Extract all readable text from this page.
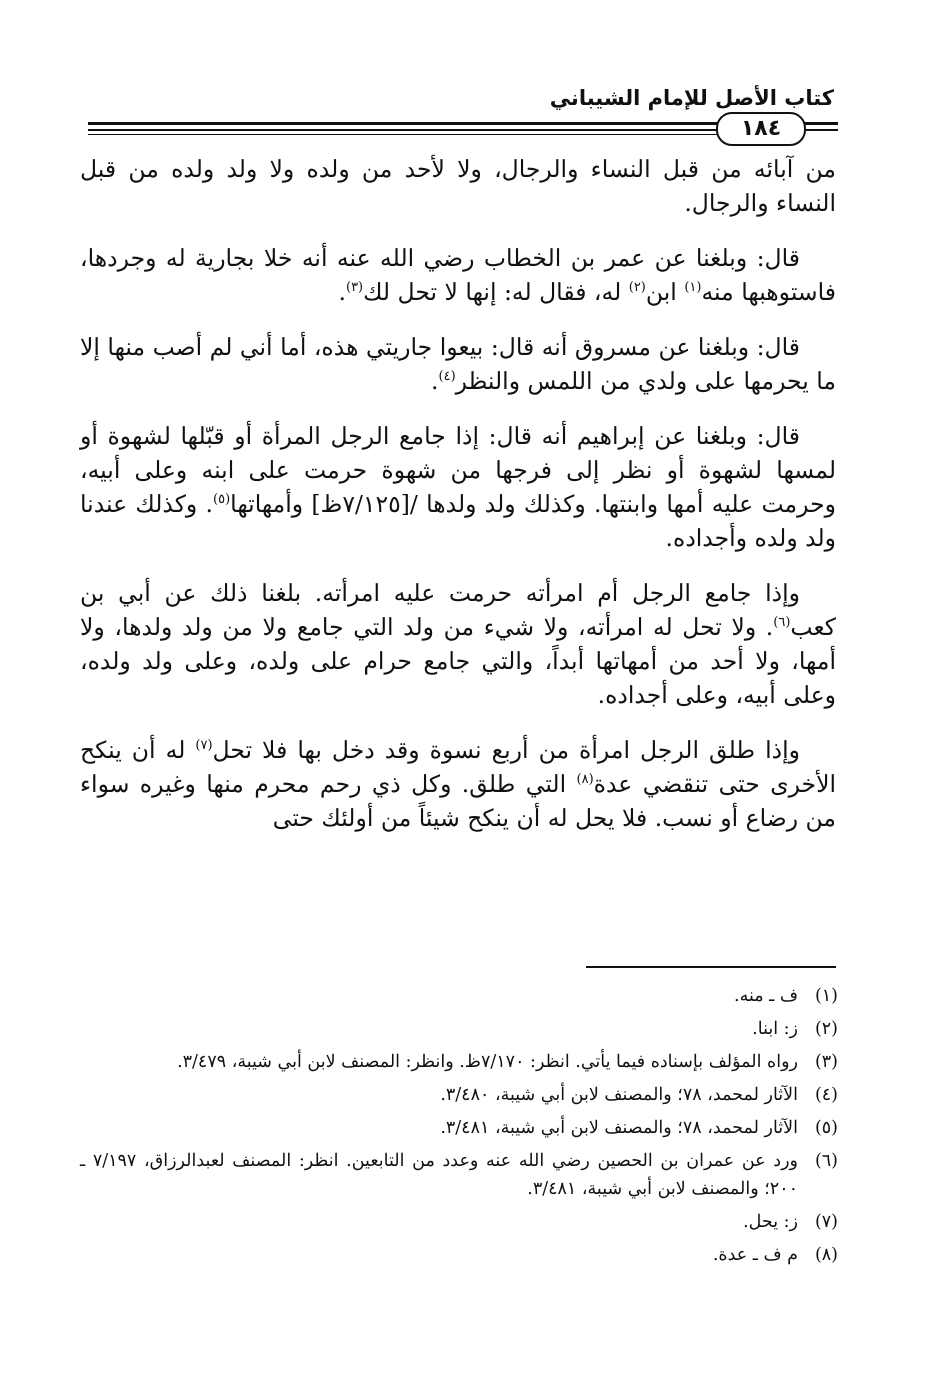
كتاب الأصل للإمام الشيباني
١٨٤

من آبائه من قبل النساء والرجال، ولا لأحد من ولده ولا ولد ولده من قبل النساء والرجال.

قال: وبلغنا عن عمر بن الخطاب رضي الله عنه أنه خلا بجارية له وجردها، فاستوهبها منه$^{(١)}$ ابن$^{(٢)}$ له، فقال له: إنها لا تحل لك$^{(٣)}$.

قال: وبلغنا عن مسروق أنه قال: بيعوا جاريتي هذه، أما أني لم أصب منها إلا ما يحرمها على ولدي من اللمس والنظر$^{(٤)}$.

قال: وبلغنا عن إبراهيم أنه قال: إذا جامع الرجل المرأة أو قبّلها لشهوة أو لمسها لشهوة أو نظر إلى فرجها من شهوة حرمت على ابنه وعلى أبيه، وحرمت عليه أمها وابنتها. وكذلك ولد ولدها /[٧/١٢٥ظ] وأمهاتها$^{(٥)}$. وكذلك عندنا ولد ولده وأجداده.

وإذا جامع الرجل أم امرأته حرمت عليه امرأته. بلغنا ذلك عن أبي بن كعب$^{(٦)}$. ولا تحل له امرأته، ولا شيء من ولد التي جامع ولا من ولد ولدها، ولا أمها، ولا أحد من أمهاتها أبداً، والتي جامع حرام على ولده، وعلى ولد ولده، وعلى أبيه، وعلى أجداده.

وإذا طلق الرجل امرأة من أربع نسوة وقد دخل بها فلا تحل$^{(٧)}$ له أن ينكح الأخرى حتى تنقضي عدة$^{(٨)}$ التي طلق. وكل ذي رحم محرم منها وغيره سواء من رضاع أو نسب. فلا يحل له أن ينكح شيئاً من أولئك حتى

(١)
ف ـ منه.
(٢)
ز: ابنا.
(٣)
رواه المؤلف بإسناده فيما يأتي. انظر: ٧/١٧٠ظ. وانظر: المصنف لابن أبي شيبة، ٣/٤٧٩.
(٤)
الآثار لمحمد، ٧٨؛ والمصنف لابن أبي شيبة، ٣/٤٨٠.
(٥)
الآثار لمحمد، ٧٨؛ والمصنف لابن أبي شيبة، ٣/٤٨١.
(٦)
ورد عن عمران بن الحصين رضي الله عنه وعدد من التابعين. انظر: المصنف لعبدالرزاق، ٧/١٩٧ ـ ٢٠٠؛ والمصنف لابن أبي شيبة، ٣/٤٨١.
(٧)
ز: يحل.
(٨)
م ف ـ عدة.
